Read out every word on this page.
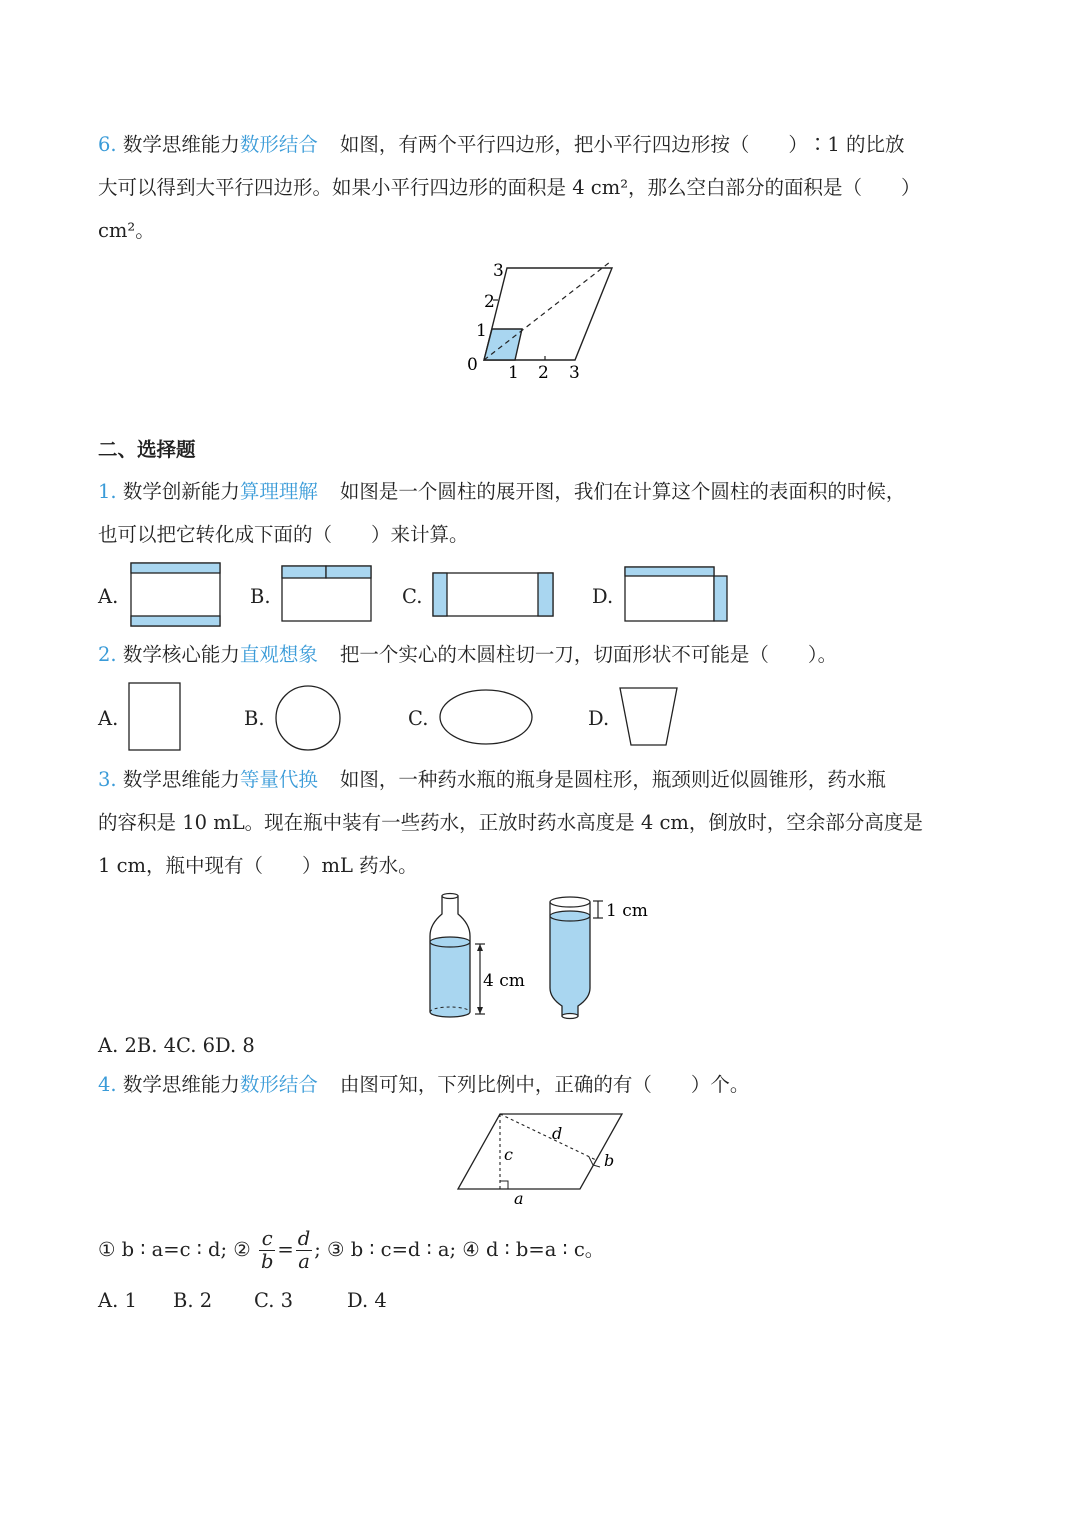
6. 数学思维能力数形结合 如图，有两个平行四边形，把小平行四边形按（　　）∶1 的比放
大可以得到大平行四边形。如果小平行四边形的面积是 4 cm²，那么空白部分的面积是（　　）
cm²。
3
2
1
0 1 2 3
二、选择题
1. 数学创新能力算理理解 如图是一个圆柱的展开图，我们在计算这个圆柱的表面积的时候，
也可以把它转化成下面的（　　）来计算。
A.	B.	C.	D.
2. 数学核心能力直观想象 把一个实心的木圆柱切一刀，切面形状不可能是（　　）。
A.	B.	C.	D.
3. 数学思维能力等量代换 如图，一种药水瓶的瓶身是圆柱形，瓶颈则近似圆锥形，药水瓶
的容积是 10 mL。现在瓶中装有一些药水，正放时药水高度是 4 cm，倒放时，空余部分高度是
1 cm，瓶中现有（　　）mL 药水。
4 cm
1 cm
A. 2B. 4C. 6D. 8
4. 数学思维能力数形结合 由图可知，下列比例中，正确的有（　　）个。
c
d
b
a
① b ∶ a=c ∶ d; ② $\frac{c}{b} = \frac{d}{a}$ ; ③ b ∶ c=d ∶ a; ④ d ∶ b=a ∶ c。
A. 1 B. 2 C. 3	D. 4
